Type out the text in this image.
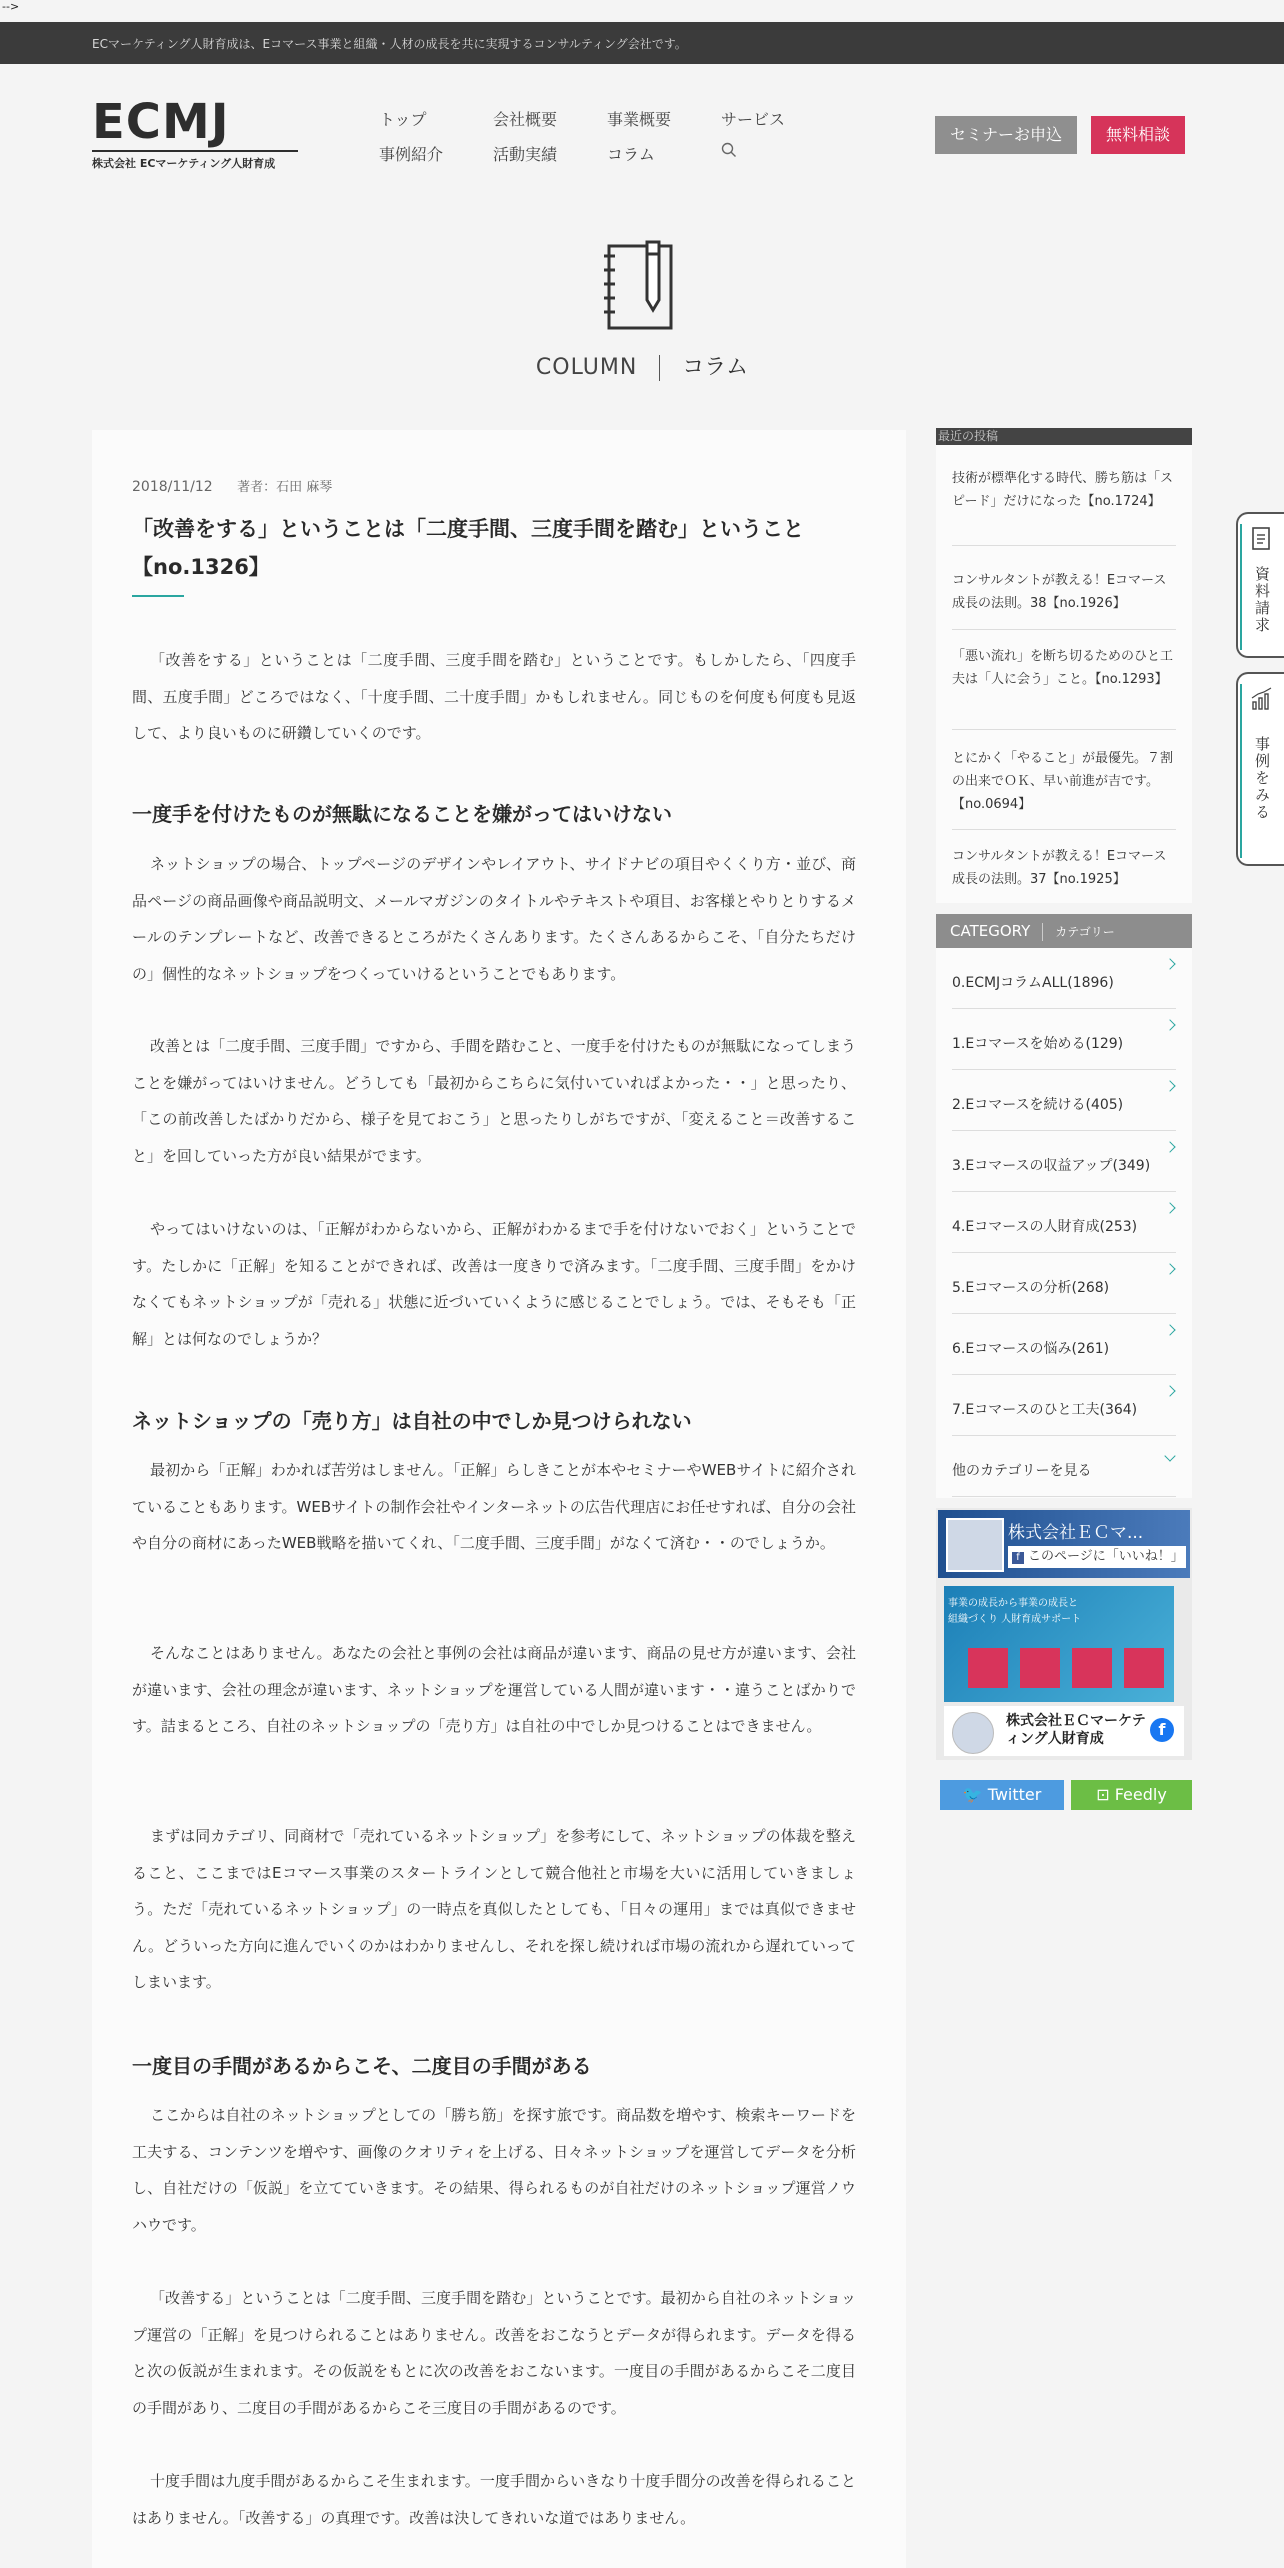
-->
ECマーケティング人財育成は、Eコマース事業と組織・人材の成長を共に実現するコンサルティング会社です。
ECMJ
株式会社 ECマーケティング人財育成
トップ	会社概要	事業概要	サービス
事例紹介	活動実績	コラム
セミナーお申込	無料相談
COLUMN コラム
2018/11/12 著者：石田 麻琴
「改善をする」ということは「二度手間、三度手間を踏む」ということ【no.1326】

「改善をする」ということは「二度手間、三度手間を踏む」ということです。もしかしたら、「四度手間、五度手間」どころではなく、「十度手間、二十度手間」かもしれません。同じものを何度も何度も見返して、より良いものに研鑽していくのです。

一度手を付けたものが無駄になることを嫌がってはいけない

ネットショップの場合、トップページのデザインやレイアウト、サイドナビの項目やくくり方・並び、商品ページの商品画像や商品説明文、メールマガジンのタイトルやテキストや項目、お客様とやりとりするメールのテンプレートなど、改善できるところがたくさんあります。たくさんあるからこそ、「自分たちだけの」個性的なネットショップをつくっていけるということでもあります。

改善とは「二度手間、三度手間」ですから、手間を踏むこと、一度手を付けたものが無駄になってしまうことを嫌がってはいけません。どうしても「最初からこちらに気付いていればよかった・・」と思ったり、「この前改善したばかりだから、様子を見ておこう」と思ったりしがちですが、「変えること＝改善すること」を回していった方が良い結果がでます。

やってはいけないのは、「正解がわからないから、正解がわかるまで手を付けないでおく」ということです。たしかに「正解」を知ることができれば、改善は一度きりで済みます。「二度手間、三度手間」をかけなくてもネットショップが「売れる」状態に近づいていくように感じることでしょう。では、そもそも「正解」とは何なのでしょうか？

ネットショップの「売り方」は自社の中でしか見つけられない

最初から「正解」わかれば苦労はしません。「正解」らしきことが本やセミナーやWEBサイトに紹介されていることもあります。WEBサイトの制作会社やインターネットの広告代理店にお任せすれば、自分の会社や自分の商材にあったWEB戦略を描いてくれ、「二度手間、三度手間」がなくて済む・・のでしょうか。

そんなことはありません。あなたの会社と事例の会社は商品が違います、商品の見せ方が違います、会社が違います、会社の理念が違います、ネットショップを運営している人間が違います・・違うことばかりです。詰まるところ、自社のネットショップの「売り方」は自社の中でしか見つけることはできません。

まずは同カテゴリ、同商材で「売れているネットショップ」を参考にして、ネットショップの体裁を整えること、ここまではEコマース事業のスタートラインとして競合他社と市場を大いに活用していきましょう。ただ「売れているネットショップ」の一時点を真似したとしても、「日々の運用」までは真似できません。どういった方向に進んでいくのかはわかりませんし、それを探し続ければ市場の流れから遅れていってしまいます。

一度目の手間があるからこそ、二度目の手間がある

ここからは自社のネットショップとしての「勝ち筋」を探す旅です。商品数を増やす、検索キーワードを工夫する、コンテンツを増やす、画像のクオリティを上げる、日々ネットショップを運営してデータを分析し、自社だけの「仮説」を立てていきます。その結果、得られるものが自社だけのネットショップ運営ノウハウです。

「改善する」ということは「二度手間、三度手間を踏む」ということです。最初から自社のネットショップ運営の「正解」を見つけられることはありません。改善をおこなうとデータが得られます。データを得ると次の仮説が生まれます。その仮説をもとに次の改善をおこないます。一度目の手間があるからこそ二度目の手間があり、二度目の手間があるからこそ三度目の手間があるのです。

十度手間は九度手間があるからこそ生まれます。一度手間からいきなり十度手間分の改善を得られることはありません。「改善する」の真理です。改善は決してきれいな道ではありません。

最近の投稿
技術が標準化する時代、勝ち筋は「スピード」だけになった【no.1724】
コンサルタントが教える！Eコマース成長の法則。38【no.1926】
「悪い流れ」を断ち切るためのひと工夫は「人に会う」こと。【no.1293】
とにかく「やること」が最優先。７割の出来でＯＫ、早い前進が吉です。【no.0694】
コンサルタントが教える！Eコマース成長の法則。37【no.1925】
CATEGORY カテゴリー
0.ECMJコラムALL(1896)
1.Eコマースを始める(129)
2.Eコマースを続ける(405)
3.Eコマースの収益アップ(349)
4.Eコマースの人財育成(253)
5.Eコマースの分析(268)
6.Eコマースの悩み(261)
7.Eコマースのひと工夫(364)
他のカテゴリーを見る
株式会社ＥＣマ...
f このページに「いいね！」
事業の成長から事業の成長と
組織づくり 人財育成サポート
株式会社ＥＣマーケティング人財育成	f
🐦 Twitter	⊡ Feedly
資料請求
事例をみる
